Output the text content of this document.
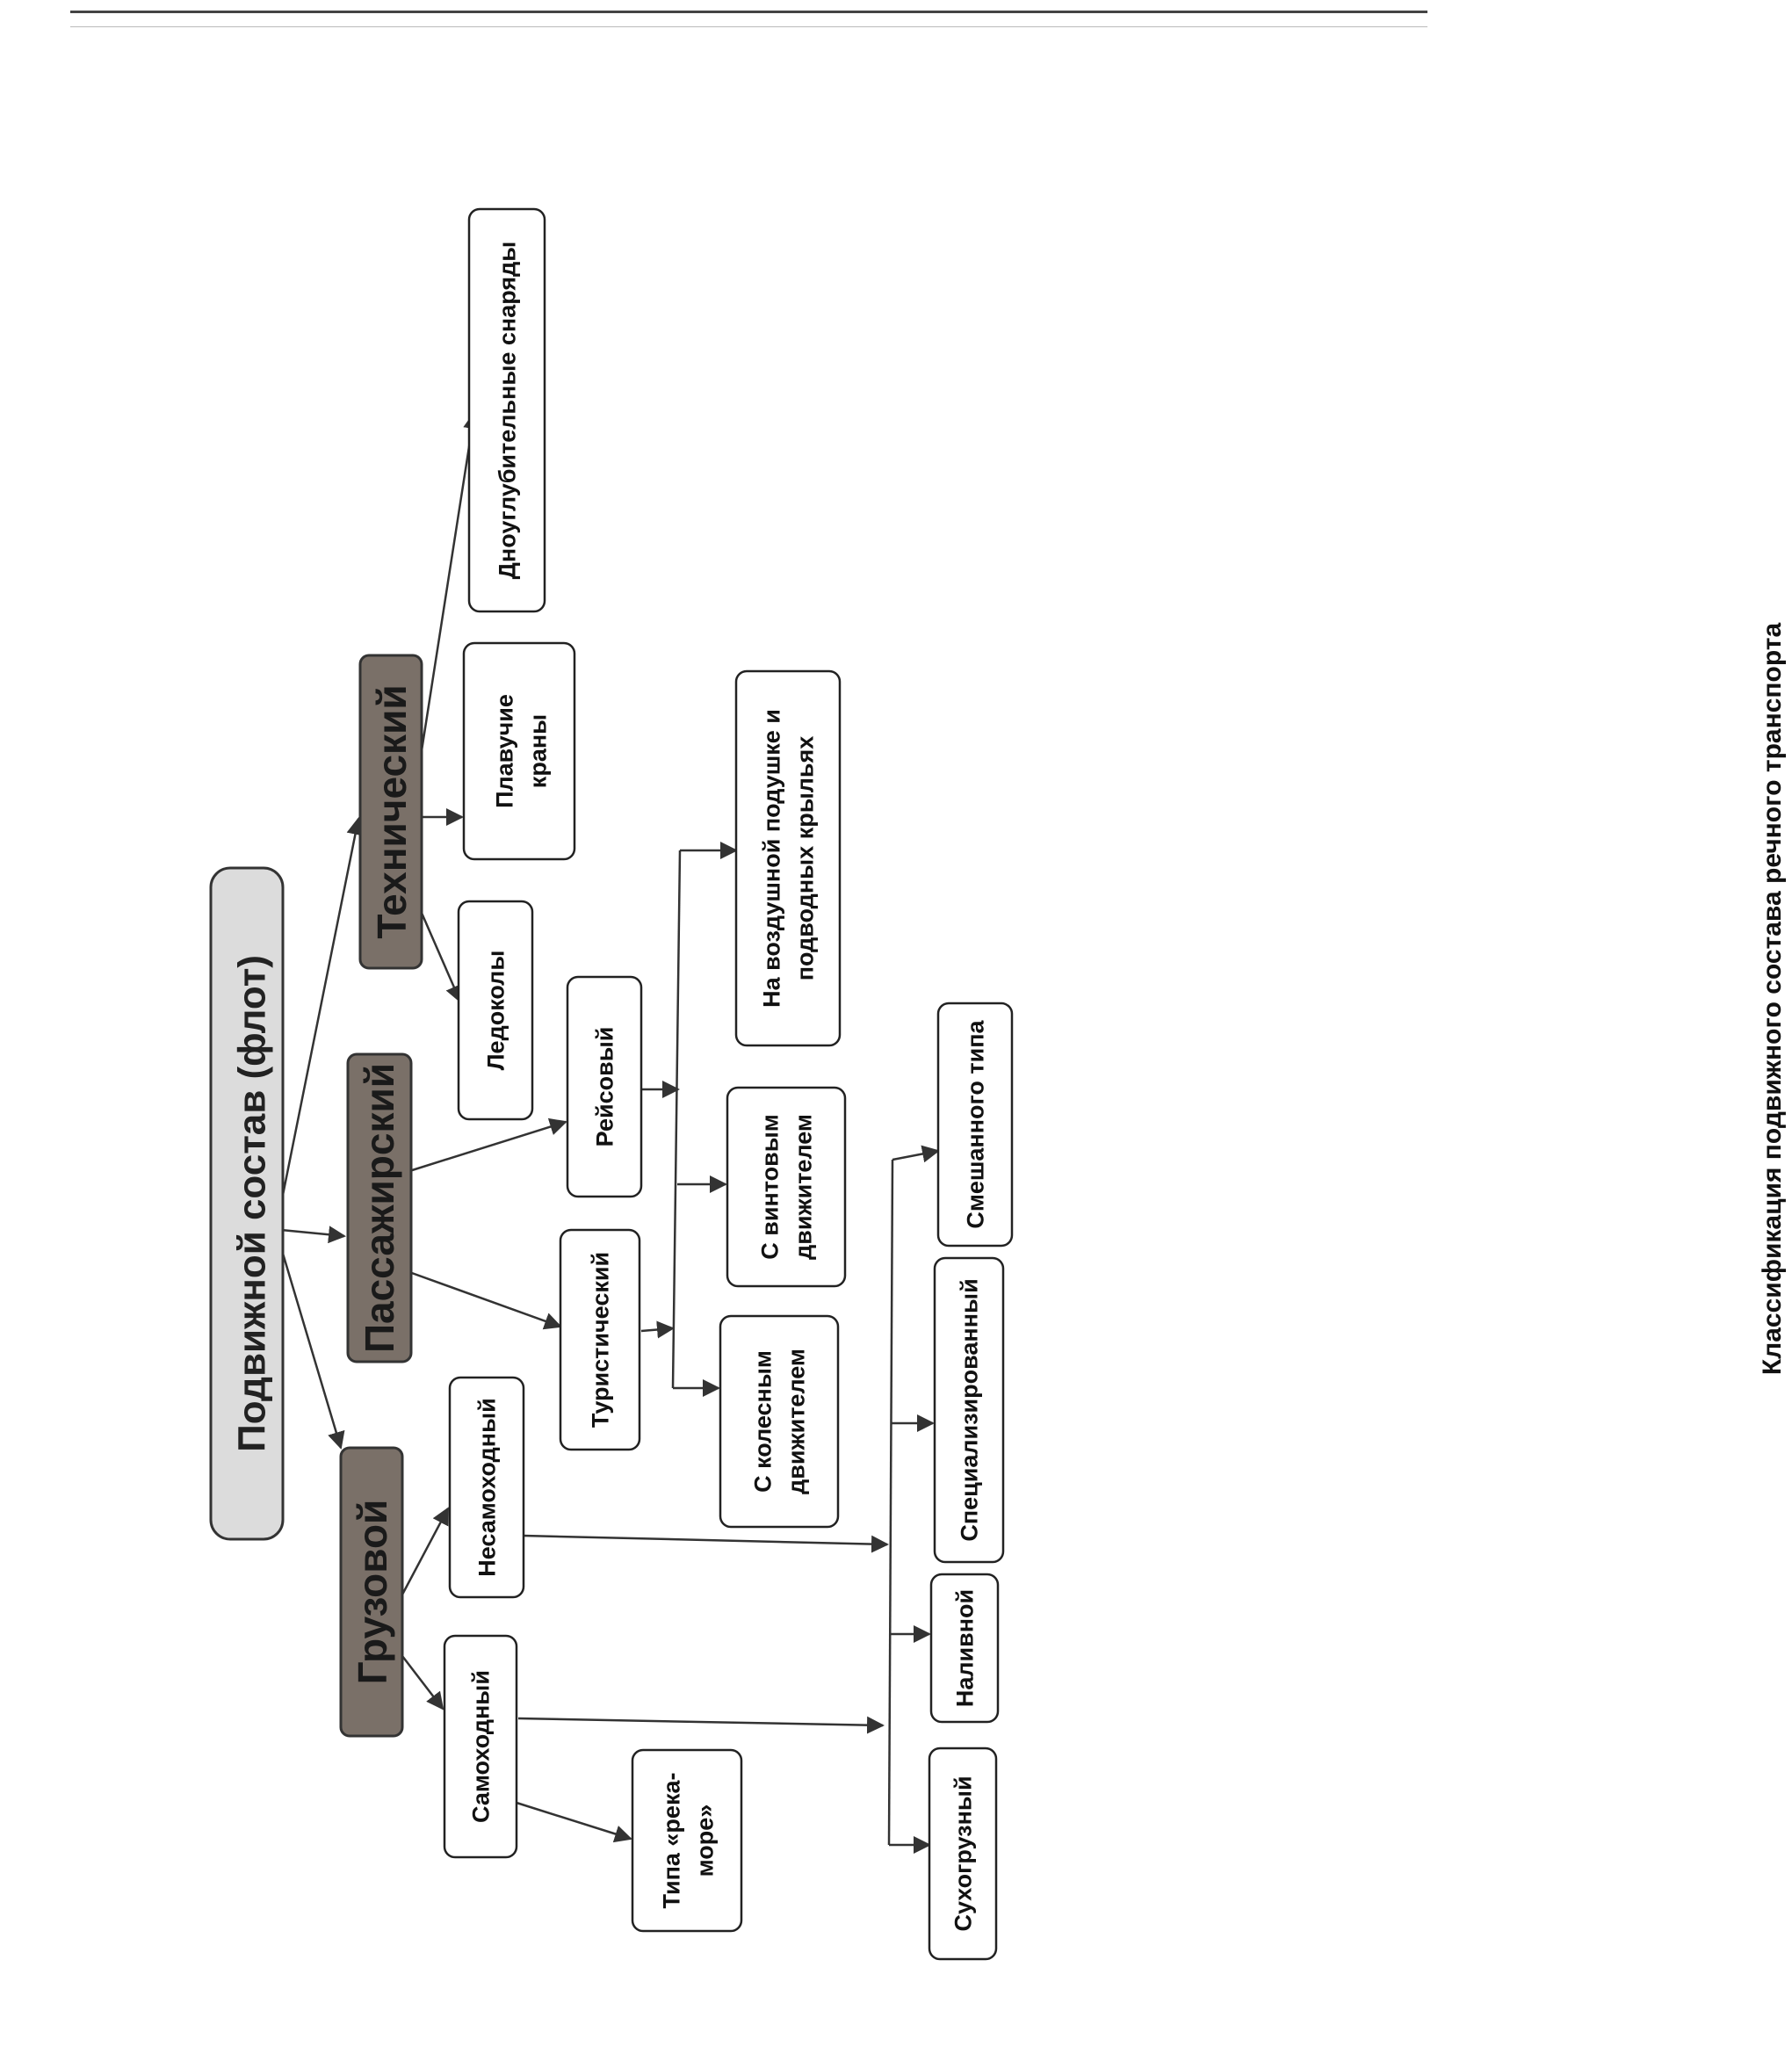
Подвижной состав (флот)
Грузовой
Пассажирский
Технический
Самоходный
Несамоходный
Типа «река- море»	Сухогрузный
Наливной
Специализированный
Смешанного типа
Туристический
Рейсовый
С колесным движителем
С винтовым движителем
На воздушной подушке и подводных крыльях
Ледоколы
Плавучие краны
Дноуглубительные снаряды
Классификация подвижного состава речного транспорта
